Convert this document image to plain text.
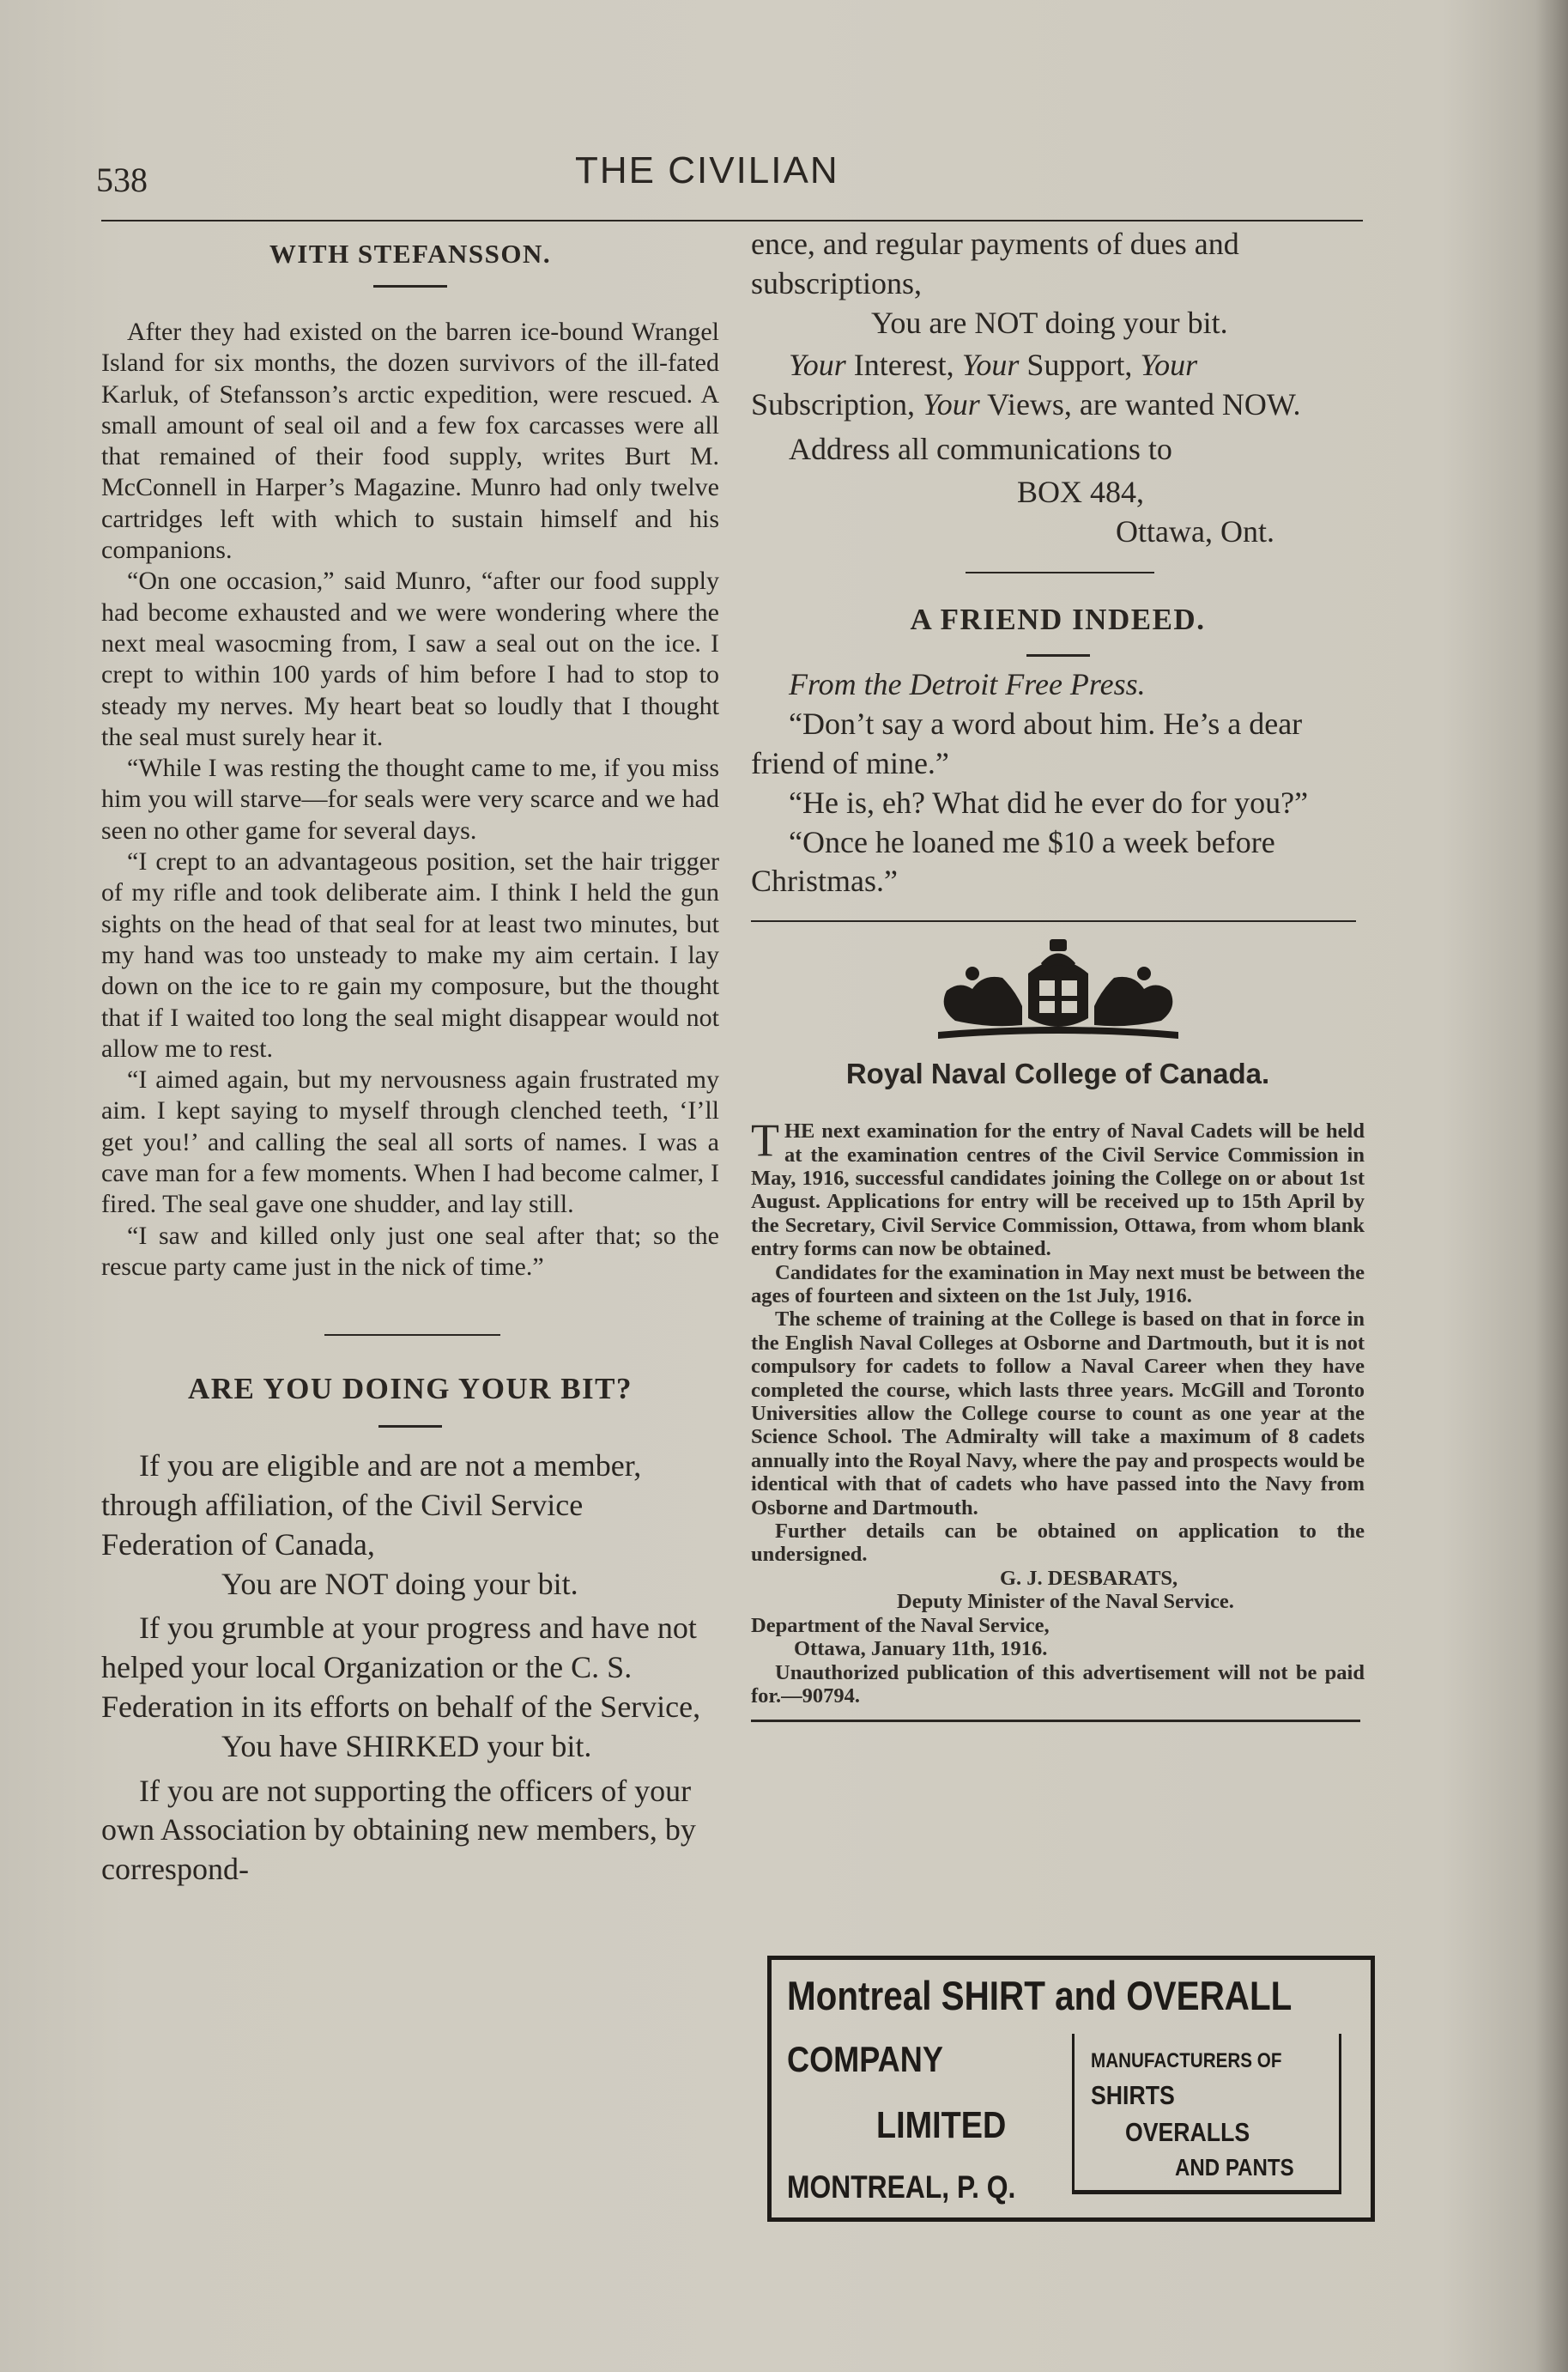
538	THE CIVILIAN
WITH STEFANSSON.

After they had existed on the barren ice-bound Wrangel Island for six months, the dozen survivors of the ill-fated Karluk, of Stefansson’s arctic expedition, were rescued. A small amount of seal oil and a few fox carcasses were all that remained of their food supply, writes Burt M. McConnell in Harper’s Magazine. Munro had only twelve cartridges left with which to sustain himself and his companions.

“On one occasion,” said Munro, “after our food supply had become exhausted and we were wondering where the next meal wasocming from, I saw a seal out on the ice. I crept to within 100 yards of him before I had to stop to steady my nerves. My heart beat so loudly that I thought the seal must surely hear it.

“While I was resting the thought came to me, if you miss him you will starve—for seals were very scarce and we had seen no other game for several days.

“I crept to an advantageous position, set the hair trigger of my rifle and took deliberate aim. I think I held the gun sights on the head of that seal for at least two minutes, but my hand was too unsteady to make my aim certain. I lay down on the ice to re gain my composure, but the thought that if I waited too long the seal might disappear would not allow me to rest.

“I aimed again, but my nervousness again frustrated my aim. I kept saying to myself through clenched teeth, ‘I’ll get you!’ and calling the seal all sorts of names. I was a cave man for a few moments. When I had become calmer, I fired. The seal gave one shudder, and lay still.

“I saw and killed only just one seal after that; so the rescue party came just in the nick of time.”

ARE YOU DOING YOUR BIT?

If you are eligible and are not a member, through affiliation, of the Civil Service Federation of Canada,

You are NOT doing your bit.

If you grumble at your progress and have not helped your local Organization or the C. S. Federation in its efforts on behalf of the Service,

You have SHIRKED your bit.

If you are not supporting the officers of your own Association by obtaining new members, by correspond-

ence, and regular payments of dues and subscriptions,

You are NOT doing your bit.

Your Interest, Your Support, Your Subscription, Your Views, are wanted NOW.

Address all communications to

BOX 484,

Ottawa, Ont.

A FRIEND INDEED.

From the Detroit Free Press.

“Don’t say a word about him. He’s a dear friend of mine.”

“He is, eh? What did he ever do for you?”

“Once he loaned me $10 a week before Christmas.”

Royal Naval College of Canada.

THE next examination for the entry of Naval Cadets will be held at the examination centres of the Civil Service Commission in May, 1916, successful candidates joining the College on or about 1st August. Applications for entry will be received up to 15th April by the Secretary, Civil Service Commission, Ottawa, from whom blank entry forms can now be obtained.

Candidates for the examination in May next must be between the ages of fourteen and sixteen on the 1st July, 1916.

The scheme of training at the College is based on that in force in the English Naval Colleges at Osborne and Dartmouth, but it is not compulsory for cadets to follow a Naval Career when they have completed the course, which lasts three years. McGill and Toronto Universities allow the College course to count as one year at the Science School. The Admiralty will take a maximum of 8 cadets annually into the Royal Navy, where the pay and prospects would be identical with that of cadets who have passed into the Navy from Osborne and Dartmouth.

Further details can be obtained on application to the undersigned.

G. J. DESBARATS,

Deputy Minister of the Naval Service.

Department of the Naval Service,

Ottawa, January 11th, 1916.

Unauthorized publication of this advertisement will not be paid for.—90794.

Montreal SHIRT and OVERALL
COMPANY
LIMITED
MONTREAL, P. Q.
MANUFACTURERS OF
SHIRTS
OVERALLS
AND PANTS
